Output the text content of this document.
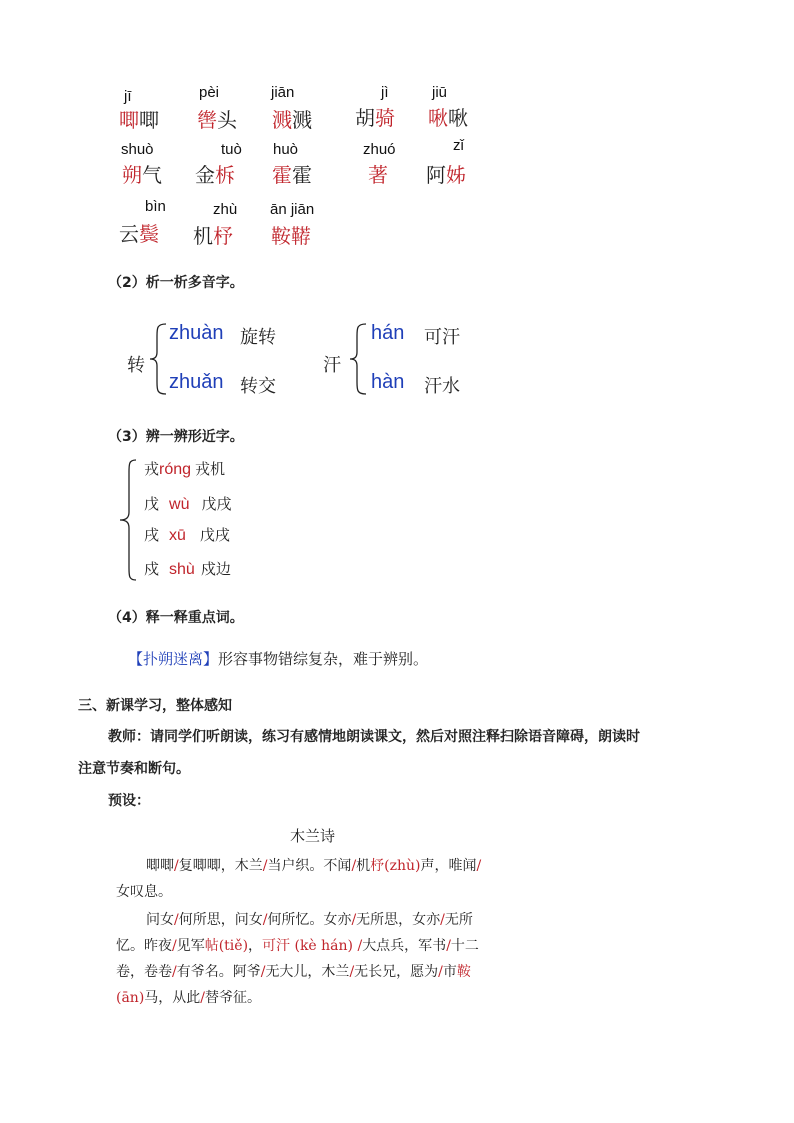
jī
唧唧
pèi
辔头
jiān
溅溅
jì
胡骑
jiū
啾啾
shuò
朔气
tuò
金柝
huò
霍霍
zhuó
著
zǐ
阿姊
bìn
云鬓
zhù
机杼
ān jiān
鞍鞯
（2）析一析多音字。
转
zhuàn 旋转
zhuǎn 转交
汗
hán 可汗
hàn 汗水
（3）辨一辨形近字。
戎róng 戎机
戊 wù 戊戌
戌 xū 戊戌
戍 shù 戍边
（4）释一释重点词。
【扑朔迷离】形容事物错综复杂，难于辨别。
三、新课学习，整体感知
教师：请同学们听朗读，练习有感情地朗读课文，然后对照注释扫除语音障碍，朗读时
注意节奏和断句。
预设：
木兰诗
唧唧/复唧唧，木兰/当户织。不闻/机杼(zhù)声，唯闻/
女叹息。
问女/何所思，问女/何所忆。女亦/无所思，女亦/无所
忆。昨夜/见军帖(tiě)，可汗 (kè hán) /大点兵，军书/十二
卷，卷卷/有爷名。阿爷/无大儿，木兰/无长兄，愿为/市鞍
(ān)马，从此/替爷征。
